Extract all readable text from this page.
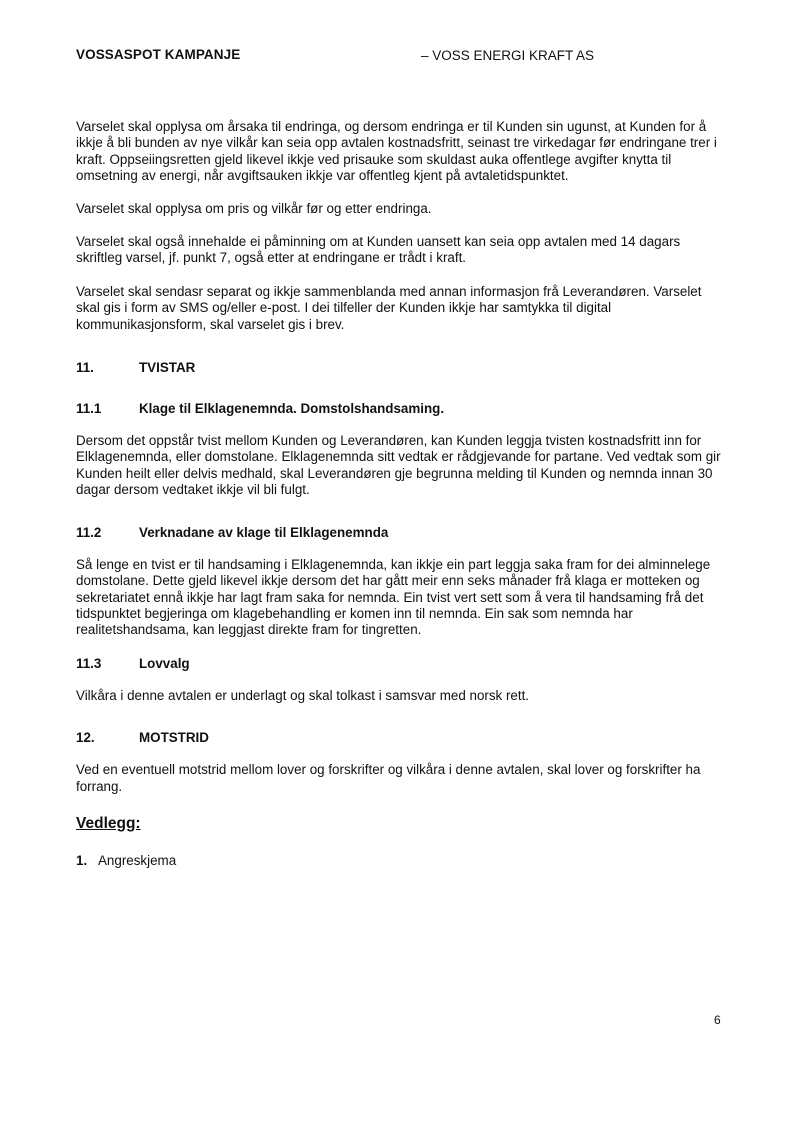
VOSSASPOT KAMPANJE	– VOSS ENERGI KRAFT AS

Varselet skal opplysa om årsaka til endringa, og dersom endringa er til Kunden sin ugunst, at Kunden for å ikkje å bli bunden av nye vilkår kan seia opp avtalen kostnadsfritt, seinast tre virkedagar før endringane trer i kraft. Oppseiingsretten gjeld likevel ikkje ved prisauke som skuldast auka offentlege avgifter knytta til omsetning av energi, når avgiftsauken ikkje var offentleg kjent på avtaletidspunktet.

Varselet skal opplysa om pris og vilkår før og etter endringa.

Varselet skal også innehalde ei påminning om at Kunden uansett kan seia opp avtalen med 14 dagars skriftleg varsel, jf. punkt 7, også etter at endringane er trådt i kraft.

Varselet skal sendasr separat og ikkje sammenblanda med annan informasjon frå Leverandøren. Varselet skal gis i form av SMS og/eller e-post. I dei tilfeller der Kunden ikkje har samtykka til digital kommunikasjonsform, skal varselet gis i brev.

11.	TVISTAR
11.1	Klage til Elklagenemnda. Domstolshandsaming.

Dersom det oppstår tvist mellom Kunden og Leverandøren, kan Kunden leggja tvisten kostnadsfritt inn for Elklagenemnda, eller domstolane. Elklagenemnda sitt vedtak er rådgjevande for partane. Ved vedtak som gir Kunden heilt eller delvis medhald, skal Leverandøren gje begrunna melding til Kunden og nemnda innan 30 dagar dersom vedtaket ikkje vil bli fulgt.

11.2	Verknadane av klage til Elklagenemnda

Så lenge en tvist er til handsaming i Elklagenemnda, kan ikkje ein part leggja saka fram for dei alminnelege domstolane. Dette gjeld likevel ikkje dersom det har gått meir enn seks månader frå klaga er motteken og sekretariatet ennå ikkje har lagt fram saka for nemnda. Ein tvist vert sett som å vera til handsaming frå det tidspunktet begjeringa om klagebehandling er komen inn til nemnda. Ein sak som nemnda har realitetshandsama, kan leggjast direkte fram for tingretten.

11.3	Lovvalg

Vilkåra i denne avtalen er underlagt og skal tolkast i samsvar med norsk rett.

12.	MOTSTRID

Ved en eventuell motstrid mellom lover og forskrifter og vilkåra i denne avtalen, skal lover og forskrifter ha forrang.

Vedlegg:
1. Angreskjema
6
